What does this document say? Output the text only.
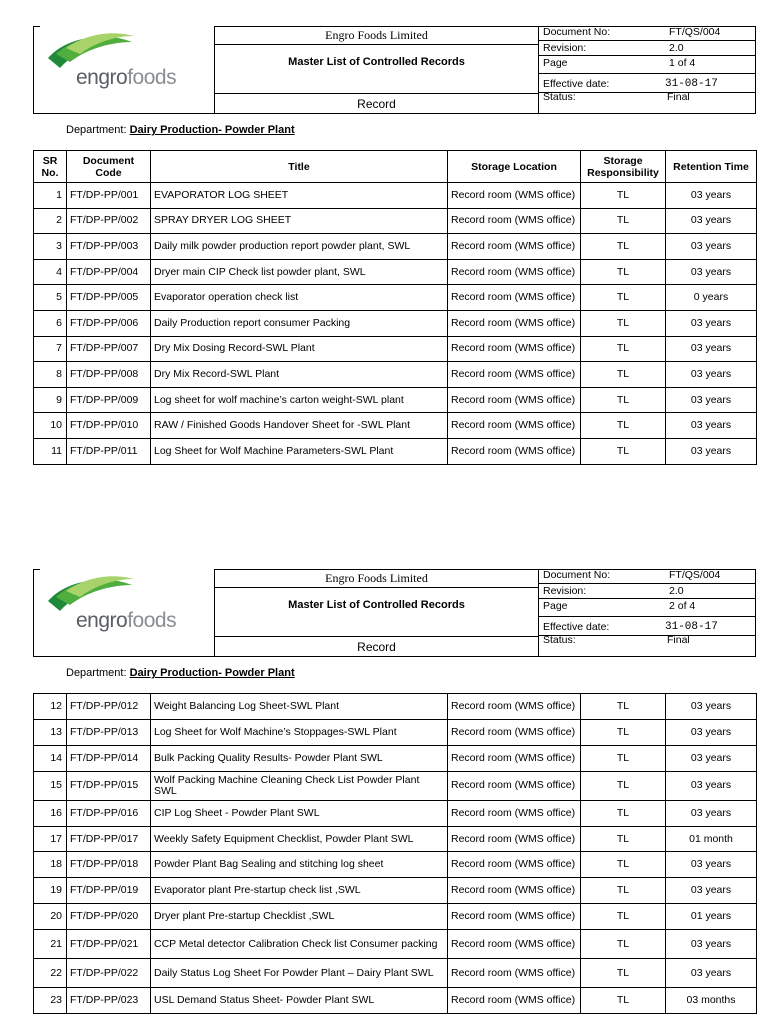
engrofoods
Engro Foods Limited
Master List of Controlled Records
Record
Document No:	FT/QS/004
Revision:	2.0
Page	1 of 4
Effective date:	31-08-17
Status:	Final
Department: Dairy Production- Powder Plant
SR No.	Document Code	Title	Storage Location	Storage Responsibility	Retention Time
1	FT/DP-PP/001	EVAPORATOR LOG SHEET	Record room (WMS office)	TL	03 years
2	FT/DP-PP/002	SPRAY DRYER LOG SHEET	Record room (WMS office)	TL	03 years
3	FT/DP-PP/003	Daily milk powder production report powder plant, SWL	Record room (WMS office)	TL	03 years
4	FT/DP-PP/004	Dryer main CIP Check list powder plant, SWL	Record room (WMS office)	TL	03 years
5	FT/DP-PP/005	Evaporator operation check list	Record room (WMS office)	TL	0 years
6	FT/DP-PP/006	Daily Production report consumer Packing	Record room (WMS office)	TL	03 years
7	FT/DP-PP/007	Dry Mix Dosing Record-SWL Plant	Record room (WMS office)	TL	03 years
8	FT/DP-PP/008	Dry Mix Record-SWL Plant	Record room (WMS office)	TL	03 years
9	FT/DP-PP/009	Log sheet for wolf machine’s carton weight-SWL plant	Record room (WMS office)	TL	03 years
10	FT/DP-PP/010	RAW / Finished Goods Handover Sheet for -SWL Plant	Record room (WMS office)	TL	03 years
11	FT/DP-PP/011	Log Sheet for Wolf Machine Parameters-SWL Plant	Record room (WMS office)	TL	03 years
engrofoods
Engro Foods Limited
Master List of Controlled Records
Record
Document No:	FT/QS/004
Revision:	2.0
Page	2 of 4
Effective date:	31-08-17
Status:	Final
Department: Dairy Production- Powder Plant
12	FT/DP-PP/012	Weight Balancing Log Sheet-SWL Plant	Record room (WMS office)	TL	03 years
13	FT/DP-PP/013	Log Sheet for Wolf Machine’s Stoppages-SWL Plant	Record room (WMS office)	TL	03 years
14	FT/DP-PP/014	Bulk Packing Quality Results- Powder Plant SWL	Record room (WMS office)	TL	03 years
15	FT/DP-PP/015	Wolf Packing Machine Cleaning Check List Powder Plant SWL	Record room (WMS office)	TL	03 years
16	FT/DP-PP/016	CIP Log Sheet - Powder Plant SWL	Record room (WMS office)	TL	03 years
17	FT/DP-PP/017	Weekly Safety Equipment Checklist, Powder Plant SWL	Record room (WMS office)	TL	01 month
18	FT/DP-PP/018	Powder Plant Bag Sealing and stitching log sheet	Record room (WMS office)	TL	03 years
19	FT/DP-PP/019	Evaporator plant Pre-startup check list ,SWL	Record room (WMS office)	TL	03 years
20	FT/DP-PP/020	Dryer plant Pre-startup Checklist ,SWL	Record room (WMS office)	TL	01 years
21	FT/DP-PP/021	CCP Metal detector Calibration Check list Consumer packing	Record room (WMS office)	TL	03 years
22	FT/DP-PP/022	Daily Status Log Sheet For Powder Plant – Dairy Plant SWL	Record room (WMS office)	TL	03 years
23	FT/DP-PP/023	USL Demand Status Sheet- Powder Plant SWL	Record room (WMS office)	TL	03 months
